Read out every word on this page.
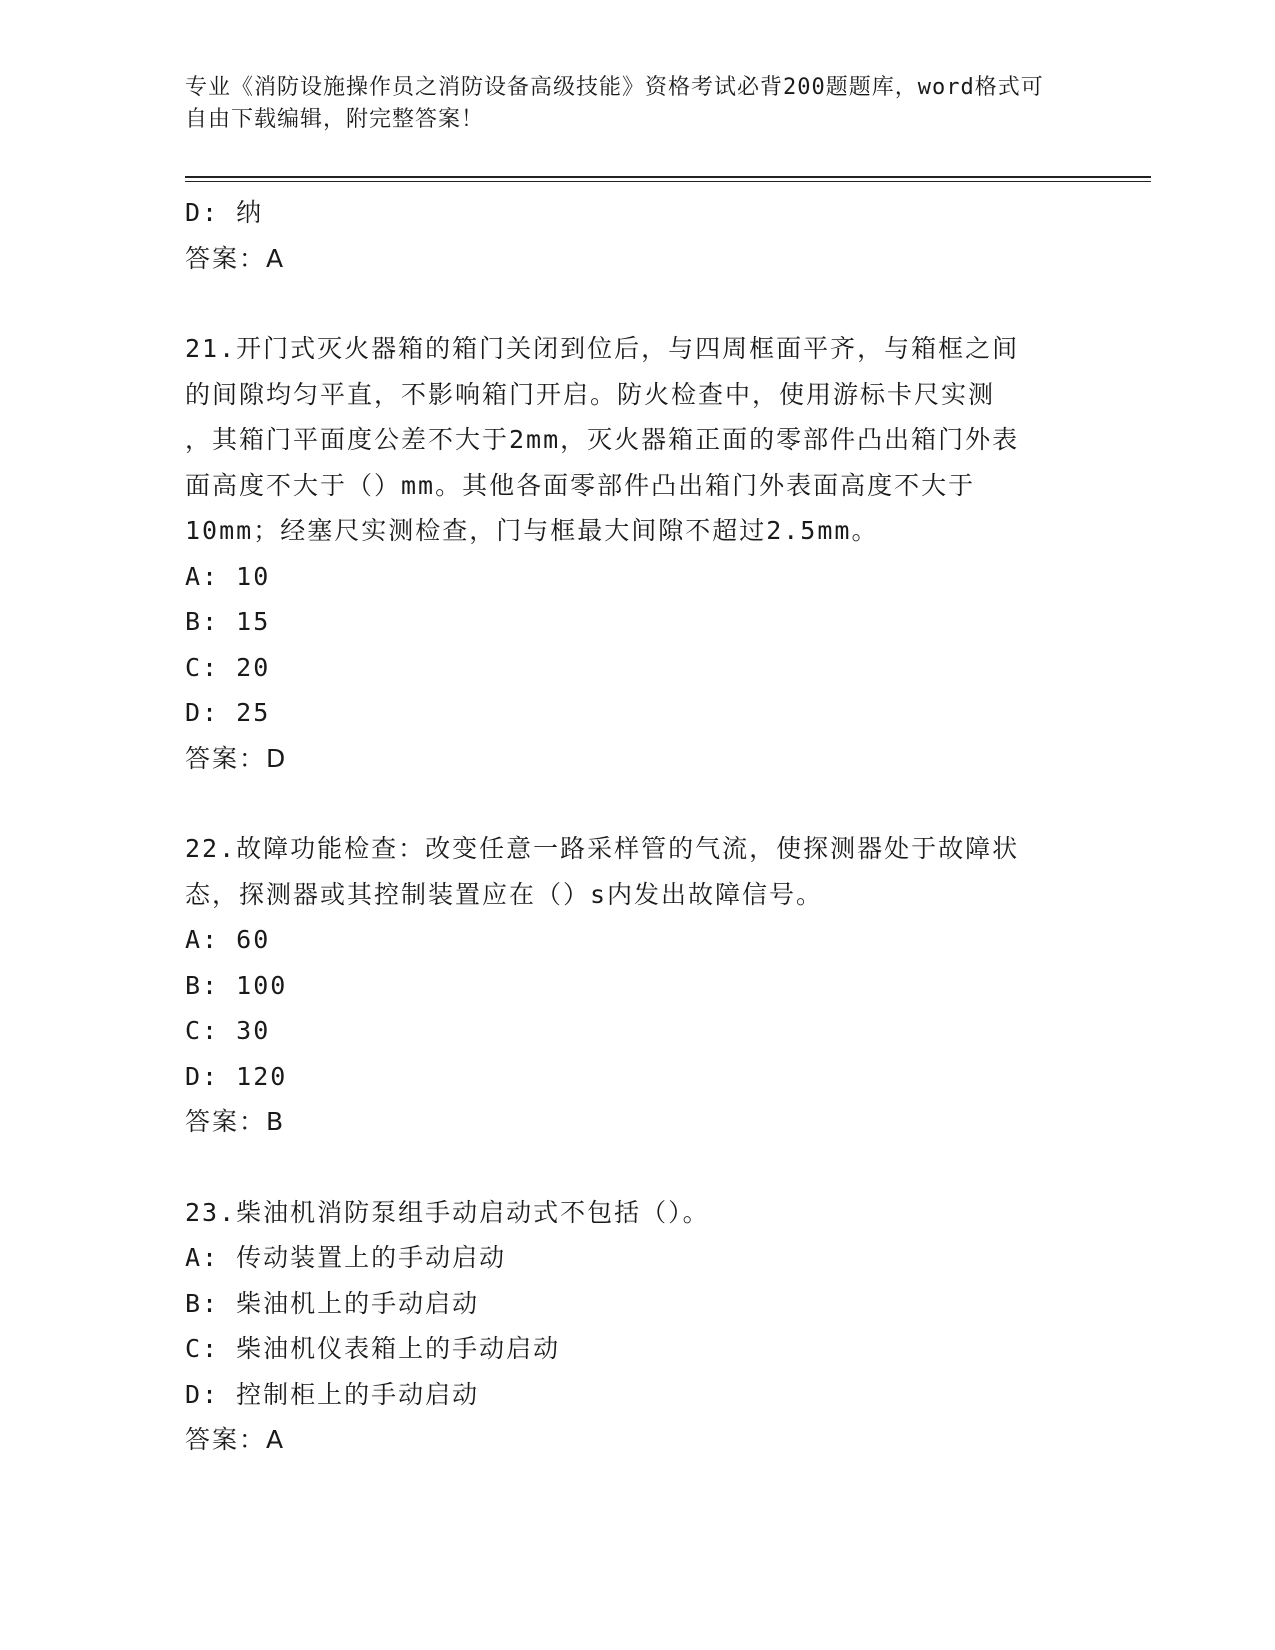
专业《消防设施操作员之消防设备高级技能》资格考试必背200题题库，word格式可自由下载编辑，附完整答案！
D: 纳
答案：A
21.开门式灭火器箱的箱门关闭到位后，与四周框面平齐，与箱框之间
的间隙均匀平直，不影响箱门开启。防火检查中，使用游标卡尺实测
，其箱门平面度公差不大于2mm，灭火器箱正面的零部件凸出箱门外表
面高度不大于（）mm。其他各面零部件凸出箱门外表面高度不大于
10mm；经塞尺实测检查，门与框最大间隙不超过2.5mm。
A: 10
B: 15
C: 20
D: 25
答案：D
22.故障功能检查：改变任意一路采样管的气流，使探测器处于故障状
态，探测器或其控制装置应在（）s内发出故障信号。
A: 60
B: 100
C: 30
D: 120
答案：B
23.柴油机消防泵组手动启动式不包括（）。
A: 传动装置上的手动启动
B: 柴油机上的手动启动
C: 柴油机仪表箱上的手动启动
D: 控制柜上的手动启动
答案：A
